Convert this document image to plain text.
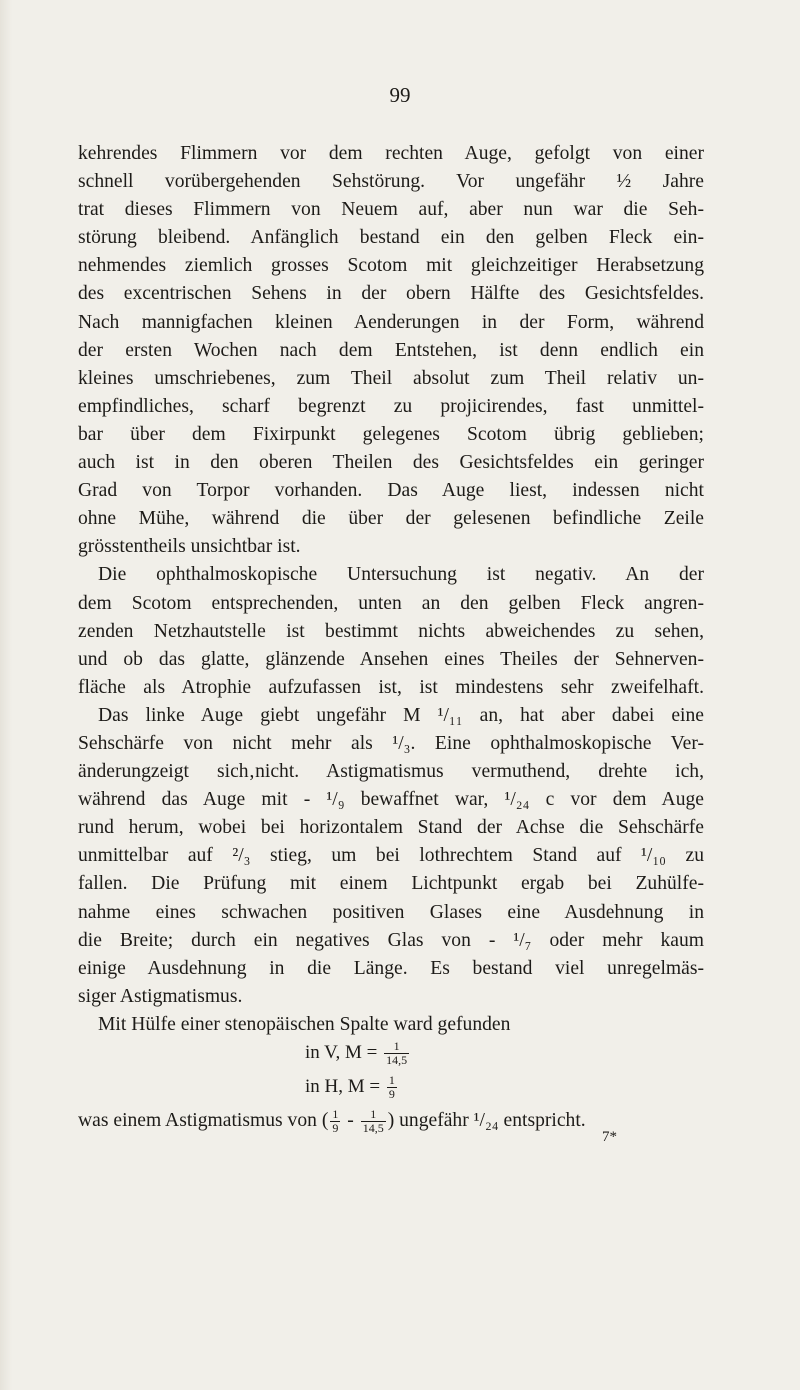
99
kehrendes Flimmern vor dem rechten Auge, gefolgt von einer
schnell vorübergehenden Sehstörung. Vor ungefähr ½ Jahre
trat dieses Flimmern von Neuem auf, aber nun war die Seh-
störung bleibend. Anfänglich bestand ein den gelben Fleck ein-
nehmendes ziemlich grosses Scotom mit gleichzeitiger Herabsetzung
des excentrischen Sehens in der obern Hälfte des Gesichtsfeldes.
Nach mannigfachen kleinen Aenderungen in der Form, während
der ersten Wochen nach dem Entstehen, ist denn endlich ein
kleines umschriebenes, zum Theil absolut zum Theil relativ un-
empfindliches, scharf begrenzt zu projicirendes, fast unmittel-
bar über dem Fixirpunkt gelegenes Scotom übrig geblieben;
auch ist in den oberen Theilen des Gesichtsfeldes ein geringer
Grad von Torpor vorhanden. Das Auge liest, indessen nicht
ohne Mühe, während die über der gelesenen befindliche Zeile
grösstentheils unsichtbar ist.
Die ophthalmoskopische Untersuchung ist negativ. An der
dem Scotom entsprechenden, unten an den gelben Fleck angren-
zenden Netzhautstelle ist bestimmt nichts abweichendes zu sehen,
und ob das glatte, glänzende Ansehen eines Theiles der Sehnerven-
fläche als Atrophie aufzufassen ist, ist mindestens sehr zweifelhaft.
Das linke Auge giebt ungefähr M ¹/₁₁ an, hat aber dabei eine
Sehschärfe von nicht mehr als ¹/₃. Eine ophthalmoskopische Ver-
änderungzeigt sich‚nicht. Astigmatismus vermuthend, drehte ich,
während das Auge mit - ¹/₉ bewaffnet war, ¹/₂₄ c vor dem Auge
rund herum, wobei bei horizontalem Stand der Achse die Sehschärfe
unmittelbar auf ²/₃ stieg, um bei lothrechtem Stand auf ¹/₁₀ zu
fallen. Die Prüfung mit einem Lichtpunkt ergab bei Zuhülfe-
nahme eines schwachen positiven Glases eine Ausdehnung in
die Breite; durch ein negatives Glas von - ¹/₇ oder mehr kaum
einige Ausdehnung in die Länge. Es bestand viel unregelmäs-
siger Astigmatismus.
Mit Hülfe einer stenopäischen Spalte ward gefunden
in V, $M = \frac{1}{14,5}$
in H, $M = \frac{1}{9}$
was einem Astigmatismus von ( $\frac{1}{9} - \frac{1}{14,5}$ ) ungefähr ¹/₂₄ entspricht.
7*
